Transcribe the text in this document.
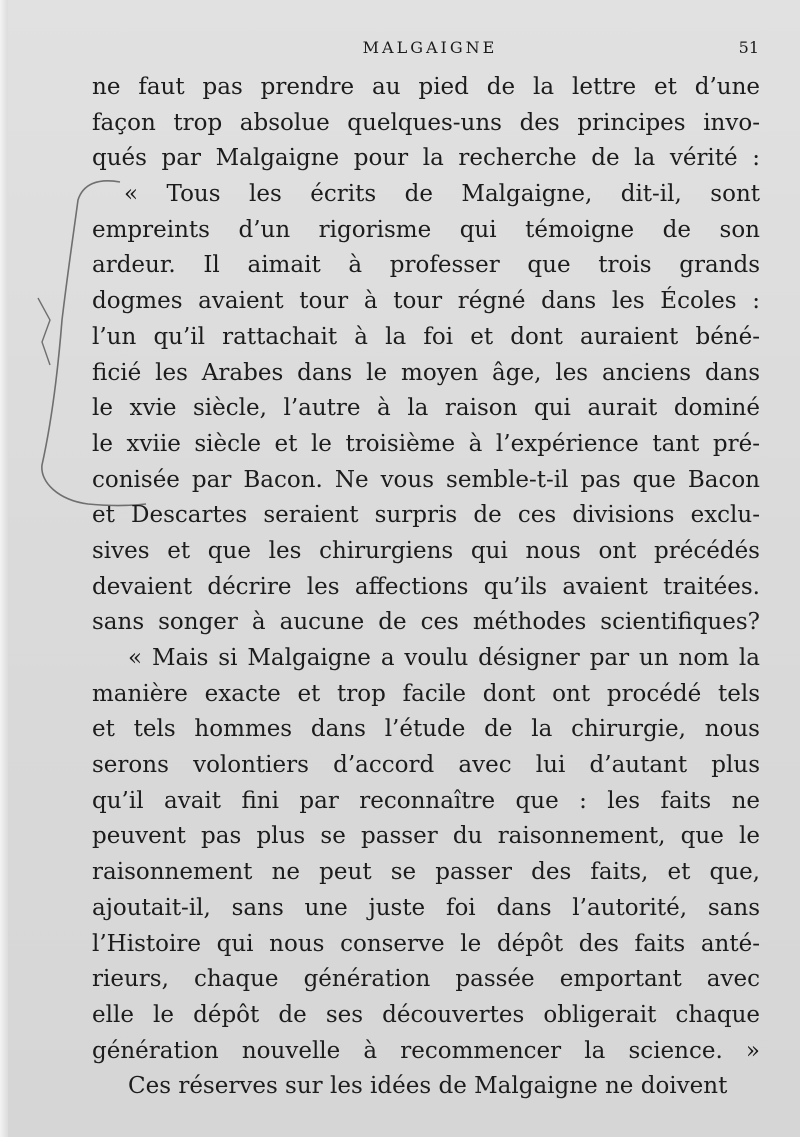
MALGAIGNE	51
ne faut pas prendre au pied de la lettre et d’une
façon trop absolue quelques-uns des principes invo-
qués par Malgaigne pour la recherche de la vérité :
« Tous les écrits de Malgaigne, dit-il, sont
empreints d’un rigorisme qui témoigne de son
ardeur. Il aimait à professer que trois grands
dogmes avaient tour à tour régné dans les Écoles :
l’un qu’il rattachait à la foi et dont auraient béné-
ficié les Arabes dans le moyen âge, les anciens dans
le xvie siècle, l’autre à la raison qui aurait dominé
le xviie siècle et le troisième à l’expérience tant pré-
conisée par Bacon. Ne vous semble-t-il pas que Bacon
et Descartes seraient surpris de ces divisions exclu-
sives et que les chirurgiens qui nous ont précédés
devaient décrire les affections qu’ils avaient traitées.
sans songer à aucune de ces méthodes scientifiques?
« Mais si Malgaigne a voulu désigner par un nom la
manière exacte et trop facile dont ont procédé tels
et tels hommes dans l’étude de la chirurgie, nous
serons volontiers d’accord avec lui d’autant plus
qu’il avait fini par reconnaître que : les faits ne
peuvent pas plus se passer du raisonnement, que le
raisonnement ne peut se passer des faits, et que,
ajoutait-il, sans une juste foi dans l’autorité, sans
l’Histoire qui nous conserve le dépôt des faits anté-
rieurs, chaque génération passée emportant avec
elle le dépôt de ses découvertes obligerait chaque
génération nouvelle à recommencer la science. »
Ces réserves sur les idées de Malgaigne ne doivent
